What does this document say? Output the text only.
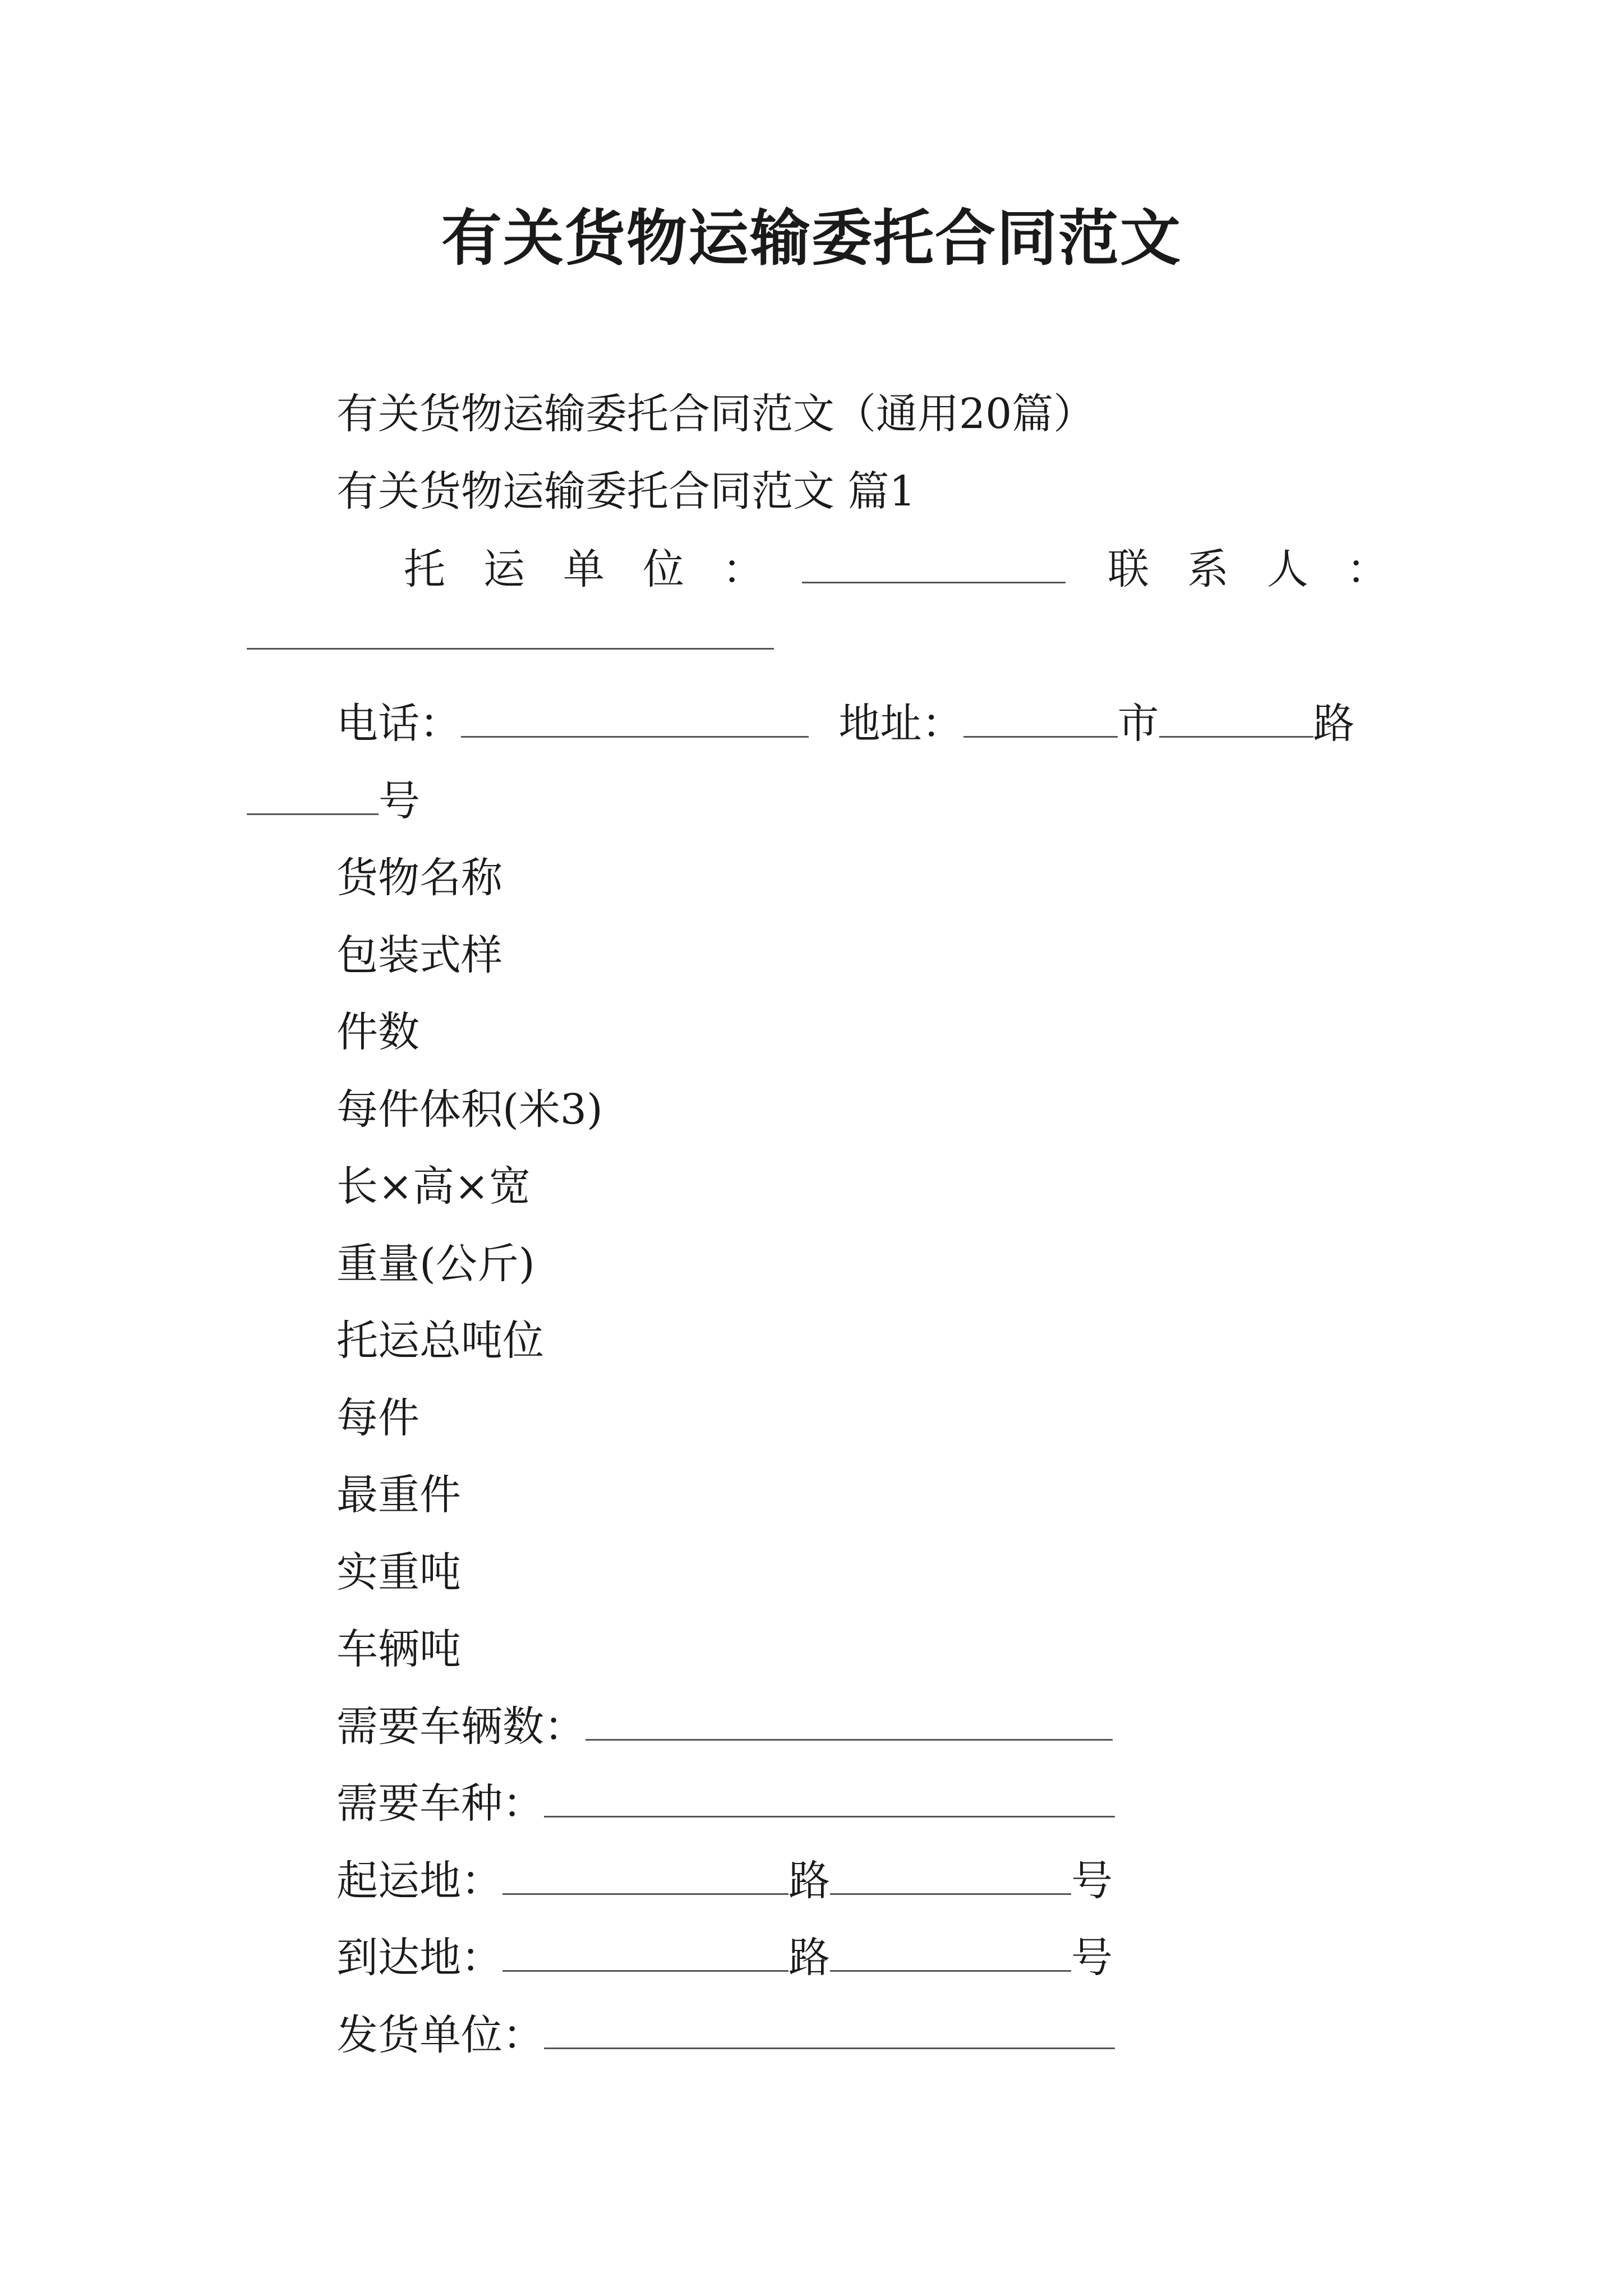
有关货物运输委托合同范文
有关货物运输委托合同范文（通用20篇）
有关货物运输委托合同范文 篇1
托运单位：	联系人：
电话：	地址：	市	路
号
货物名称
包装式样
件数
每件体积(米3)
长×高×宽
重量(公斤)
托运总吨位
每件
最重件
实重吨
车辆吨
需要车辆数：
需要车种：
起运地：	路	号
到达地：	路	号
发货单位：
